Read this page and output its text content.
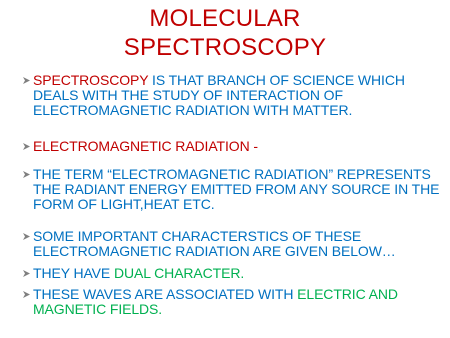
MOLECULAR
SPECTROSCOPY
SPECTROSCOPY IS THAT BRANCH OF SCIENCE WHICH DEALS WITH THE STUDY OF INTERACTION OF ELECTROMAGNETIC RADIATION WITH MATTER.
ELECTROMAGNETIC RADIATION -
THE TERM “ELECTROMAGNETIC RADIATION” REPRESENTS THE RADIANT ENERGY EMITTED FROM ANY SOURCE IN THE FORM OF LIGHT,HEAT ETC.
SOME IMPORTANT CHARACTERSTICS OF THESE ELECTROMAGNETIC RADIATION ARE GIVEN BELOW…
THEY HAVE DUAL CHARACTER.
THESE WAVES ARE ASSOCIATED WITH ELECTRIC AND MAGNETIC FIELDS.
